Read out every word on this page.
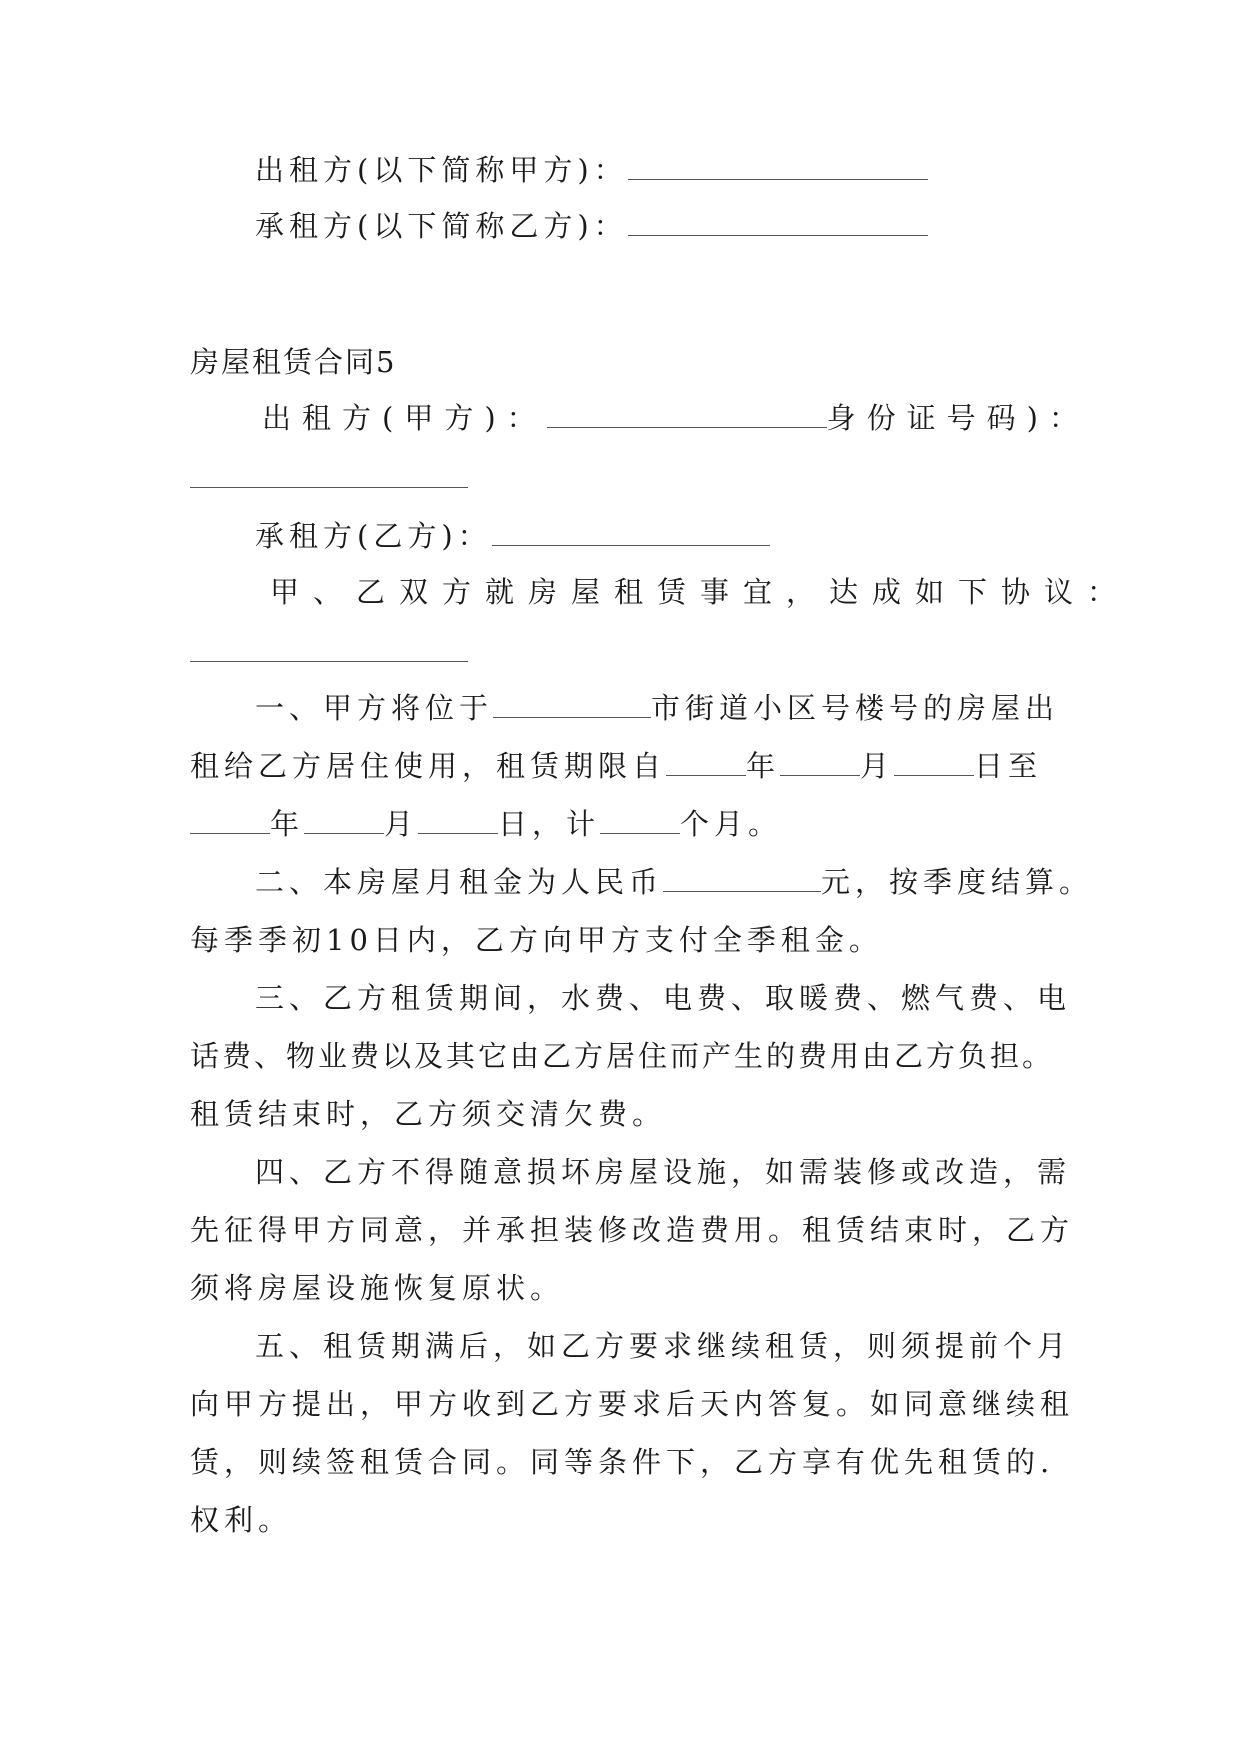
出租方(以下简称甲方)：
承租方(以下简称乙方)：
房屋租赁合同5
出租方(甲方)：	身份证号码)：
承租方(乙方)：
甲、乙双方就房屋租赁事宜，达成如下协议：
一、甲方将位于	市街道小区号楼号的房屋出
租给乙方居住使用，租赁期限自	年	月	日至
年	月	日，计	个月。
二、本房屋月租金为人民币	元，按季度结算。
每季季初10日内，乙方向甲方支付全季租金。
三、乙方租赁期间，水费、电费、取暖费、燃气费、电
话费、物业费以及其它由乙方居住而产生的费用由乙方负担。
租赁结束时，乙方须交清欠费。
四、乙方不得随意损坏房屋设施，如需装修或改造，需
先征得甲方同意，并承担装修改造费用。租赁结束时，乙方
须将房屋设施恢复原状。
五、租赁期满后，如乙方要求继续租赁，则须提前个月
向甲方提出，甲方收到乙方要求后天内答复。如同意继续租
赁，则续签租赁合同。同等条件下，乙方享有优先租赁的.
权利。
